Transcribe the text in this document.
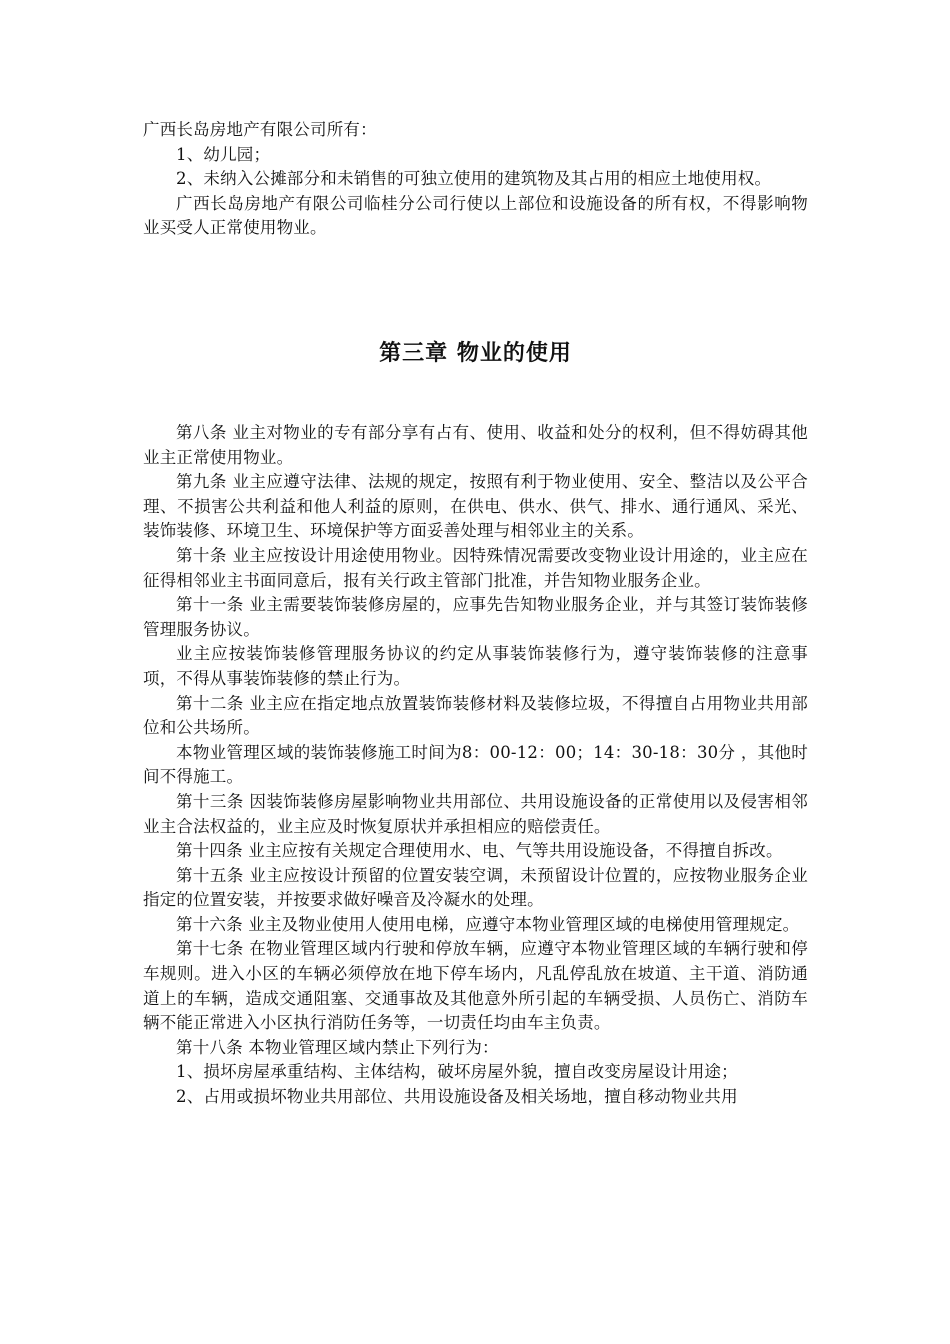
广西长岛房地产有限公司所有：

1、幼儿园；

2、未纳入公摊部分和未销售的可独立使用的建筑物及其占用的相应土地使用权。

广西长岛房地产有限公司临桂分公司行使以上部位和设施设备的所有权，不得影响物业买受人正常使用物业。

第三章 物业的使用

第八条 业主对物业的专有部分享有占有、使用、收益和处分的权利，但不得妨碍其他业主正常使用物业。

第九条 业主应遵守法律、法规的规定，按照有利于物业使用、安全、整洁以及公平合理、不损害公共利益和他人利益的原则，在供电、供水、供气、排水、通行通风、采光、装饰装修、环境卫生、环境保护等方面妥善处理与相邻业主的关系。

第十条 业主应按设计用途使用物业。因特殊情况需要改变物业设计用途的，业主应在征得相邻业主书面同意后，报有关行政主管部门批准，并告知物业服务企业。

第十一条 业主需要装饰装修房屋的，应事先告知物业服务企业，并与其签订装饰装修管理服务协议。

业主应按装饰装修管理服务协议的约定从事装饰装修行为，遵守装饰装修的注意事项，不得从事装饰装修的禁止行为。

第十二条 业主应在指定地点放置装饰装修材料及装修垃圾，不得擅自占用物业共用部位和公共场所。

本物业管理区域的装饰装修施工时间为8：00-12：00；14：30-18：30分 ，其他时间不得施工。

第十三条 因装饰装修房屋影响物业共用部位、共用设施设备的正常使用以及侵害相邻业主合法权益的，业主应及时恢复原状并承担相应的赔偿责任。

第十四条 业主应按有关规定合理使用水、电、气等共用设施设备，不得擅自拆改。

第十五条 业主应按设计预留的位置安装空调，未预留设计位置的，应按物业服务企业指定的位置安装，并按要求做好噪音及冷凝水的处理。

第十六条 业主及物业使用人使用电梯，应遵守本物业管理区域的电梯使用管理规定。

第十七条 在物业管理区域内行驶和停放车辆，应遵守本物业管理区域的车辆行驶和停车规则。进入小区的车辆必须停放在地下停车场内，凡乱停乱放在坡道、主干道、消防通道上的车辆，造成交通阻塞、交通事故及其他意外所引起的车辆受损、人员伤亡、消防车辆不能正常进入小区执行消防任务等，一切责任均由车主负责。

第十八条 本物业管理区域内禁止下列行为：

1、损坏房屋承重结构、主体结构，破坏房屋外貌，擅自改变房屋设计用途；

2、占用或损坏物业共用部位、共用设施设备及相关场地，擅自移动物业共用
